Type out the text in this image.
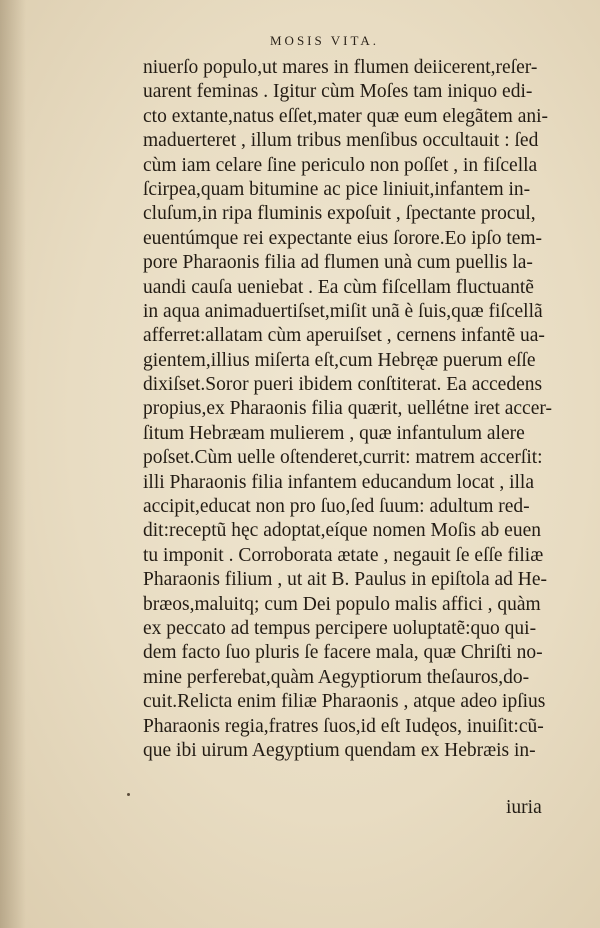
MOSIS VITA.
niuerſo populo,ut mares in flumen deiicerent,reſer-
uarent feminas . Igitur cùm Moſes tam iniquo edi-
cto extante,natus eſſet,mater quæ eum elegãtem ani-
maduerteret , illum tribus menſibus occultauit : ſed
cùm iam celare ſine periculo non poſſet , in fiſcella
ſcirpea,quam bitumine ac pice liniuit,infantem in-
cluſum,in ripa fluminis expoſuit , ſpectante procul,
euentúmque rei expectante eius ſorore.Eo ipſo tem-
pore Pharaonis filia ad flumen unà cum puellis la-
uandi cauſa ueniebat . Ea cùm fiſcellam fluctuantẽ
in aqua animaduertiſset,miſit unã è ſuis,quæ fiſcellã
afferret:allatam cùm aperuiſset , cernens infantẽ ua-
gientem,illius miſerta eſt,cum Hebręæ puerum eſſe
dixiſset.Soror pueri ibidem conſtiterat. Ea accedens
propius,ex Pharaonis filia quærit, uellétne iret accer-
ſitum Hebræam mulierem , quæ infantulum alere
poſset.Cùm uelle oſtenderet,currit: matrem accerſit:
illi Pharaonis filia infantem educandum locat , illa
accipit,educat non pro ſuo,ſed ſuum: adultum red-
dit:receptũ hęc adoptat,eíque nomen Moſis ab euen
tu imponit . Corroborata ætate , negauit ſe eſſe filiæ
Pharaonis filium , ut ait B. Paulus in epiſtola ad He-
bræos,maluitq; cum Dei populo malis affici , quàm
ex peccato ad tempus percipere uoluptatẽ:quo qui-
dem facto ſuo pluris ſe facere mala, quæ Chriſti no-
mine perferebat,quàm Aegyptiorum theſauros,do-
cuit.Relicta enim filiæ Pharaonis , atque adeo ipſius
Pharaonis regia,fratres ſuos,id eſt Iudęos, inuiſit:cũ-
que ibi uirum Aegyptium quendam ex Hebræis in-
iuria
